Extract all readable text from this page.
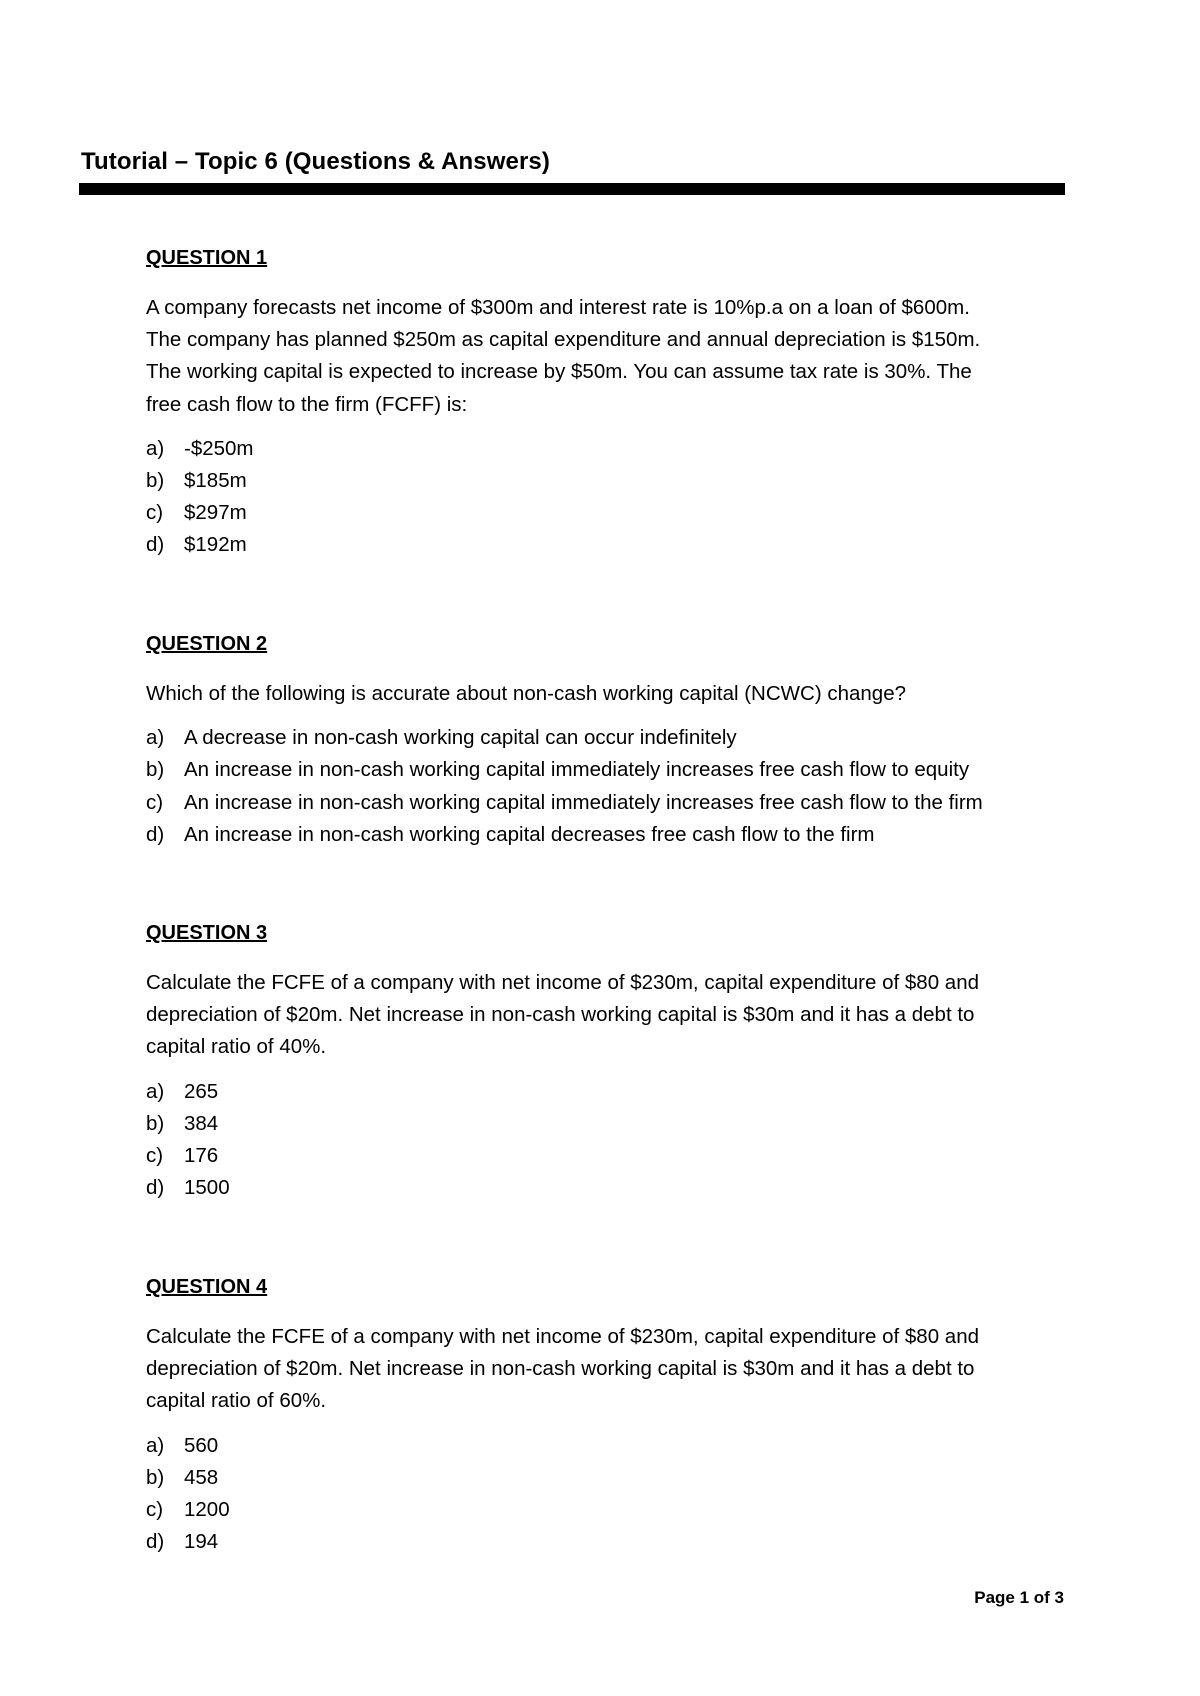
Tutorial – Topic 6 (Questions & Answers)

QUESTION 1

A company forecasts net income of $300m and interest rate is 10%p.a on a loan of $600m.
The company has planned $250m as capital expenditure and annual depreciation is $150m.
The working capital is expected to increase by $50m. You can assume tax rate is 30%. The
free cash flow to the firm (FCFF) is:

a) -$250m
b) $185m
c) $297m
d) $192m

QUESTION 2

Which of the following is accurate about non-cash working capital (NCWC) change?

a) A decrease in non-cash working capital can occur indefinitely
b) An increase in non-cash working capital immediately increases free cash flow to equity
c) An increase in non-cash working capital immediately increases free cash flow to the firm
d) An increase in non-cash working capital decreases free cash flow to the firm

QUESTION 3

Calculate the FCFE of a company with net income of $230m, capital expenditure of $80 and
depreciation of $20m. Net increase in non-cash working capital is $30m and it has a debt to
capital ratio of 40%.

a) 265
b) 384
c) 176
d) 1500

QUESTION 4

Calculate the FCFE of a company with net income of $230m, capital expenditure of $80 and
depreciation of $20m. Net increase in non-cash working capital is $30m and it has a debt to
capital ratio of 60%.

a) 560
b) 458
c) 1200
d) 194
Page 1 of 3
